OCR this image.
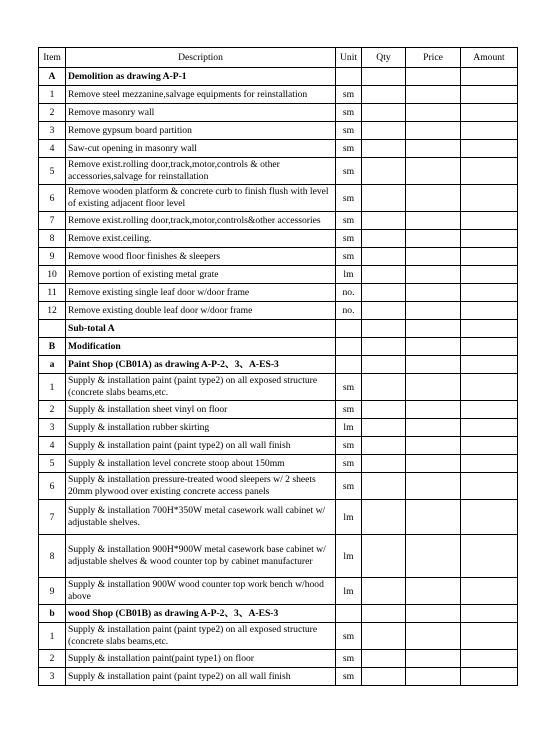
Item	Description	Unit	Qty	Price	Amount
A	Demolition as drawing A-P-1				
1	Remove steel mezzanine,salvage equipments for reinstallation	sm			
2	Remove masonry wall	sm			
3	Remove gypsum board partition	sm			
4	Saw-cut opening in masonry wall	sm			
5	Remove exist.rolling door,track,motor,controls & other accessories,salvage for reinstallation	sm			
6	Remove wooden platform & concrete curb to finish flush with level of existing adjacent floor level	sm			
7	Remove exist.rolling door,track,motor,controls&other accessories	sm			
8	Remove exist.ceiling.	sm			
9	Remove wood floor finishes & sleepers	sm			
10	Remove portion of existing metal grate	lm			
11	Remove existing single leaf door w/door frame	no.			
12	Remove existing double leaf door w/door frame	no.			
	Sub-total A				
B	Modification				
a	Paint Shop (CB01A) as drawing A-P-2、3、A-ES-3				
1	Supply & installation paint (paint type2) on all exposed structure (concrete slabs beams,etc.	sm			
2	Supply & installation sheet vinyl on floor	sm			
3	Supply & installation rubber skirting	lm			
4	Supply & installation paint (paint type2) on all wall finish	sm			
5	Supply & installation level concrete stoop about 150mm	sm			
6	Supply & installation pressure-treated wood sleepers w/ 2 sheets 20mm plywood over existing concrete access panels	sm			
7	Supply & installation 700H*350W metal casework wall cabinet w/ adjustable shelves.	lm			
8	Supply & installation 900H*900W metal casework base cabinet w/ adjustable shelves & wood counter top by cabinet manufacturer	lm			
9	Supply & installation 900W wood counter top work bench w/hood above	lm			
b	wood Shop (CB01B) as drawing A-P-2、3、A-ES-3				
1	Supply & installation paint (paint type2) on all exposed structure (concrete slabs beams,etc.	sm			
2	Supply & installation paint(paint type1) on floor	sm			
3	Supply & installation paint (paint type2) on all wall finish	sm			
